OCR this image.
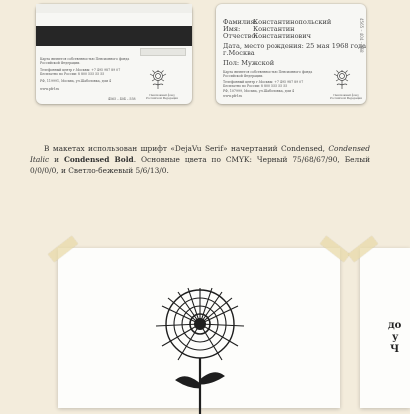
Карта является собственностью Пенсионного фонда Российской Федерации.
Телефонный центр г.Москвы: +7 495 987 89 07
Бесплатно по России: 8 800 555 55 55
РФ, 119991, Москва, ул.Шаболовка, дом 4
www.pfrf.ru
4565 – 404 – 558
Пенсионный фонд
Российской Федерации
Фамилия:Константинопольский
Имя: Константин
Отчество:Константинович
Дата, место рождения: 25 мая 1968 года
г.Москва
Пол: Мужской
4565 – 404 – 558
Карта является собственностью Пенсионного фонда Российской Федерации.
Телефонный центр г.Москвы: +7 495 987 89 07
Бесплатно по России: 8 800 555 55 55
РФ, 107999, Москва, ул.Шаболовка, дом 4
www.pfrf.ru	Пенсионный фонд
Российской Федерации

В макетах использован шрифт «DejaVu Serif» начертаний Condensed, Condensed Italic и Condensed Bold. Основные цвета по CMYK: Черный 75/68/67/90, Белый 0/0/0/0, и Светло-бежевый 5/6/13/0.

до
у
Ч
